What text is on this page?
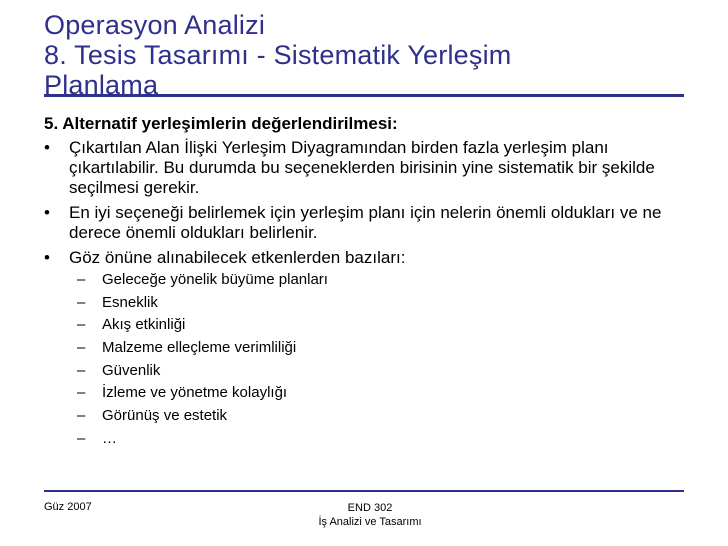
Operasyon Analizi
8. Tesis Tasarımı - Sistematik Yerleşim
Planlama
5. Alternatif yerleşimlerin değerlendirilmesi:
•	Çıkartılan Alan İlişki Yerleşim Diyagramından birden fazla yerleşim planı çıkartılabilir. Bu durumda bu seçeneklerden birisinin yine sistematik bir şekilde seçilmesi gerekir.
•	En iyi seçeneği belirlemek için yerleşim planı için nelerin önemli oldukları ve ne derece önemli oldukları belirlenir.
•	Göz önüne alınabilecek etkenlerden bazıları:
–	Geleceğe yönelik büyüme planları
–	Esneklik
–	Akış etkinliği
–	Malzeme elleçleme verimliliği
–	Güvenlik
–	İzleme ve yönetme kolaylığı
–	Görünüş ve estetik
–	…
Güz 2007	END 302
İş Analizi ve Tasarımı
